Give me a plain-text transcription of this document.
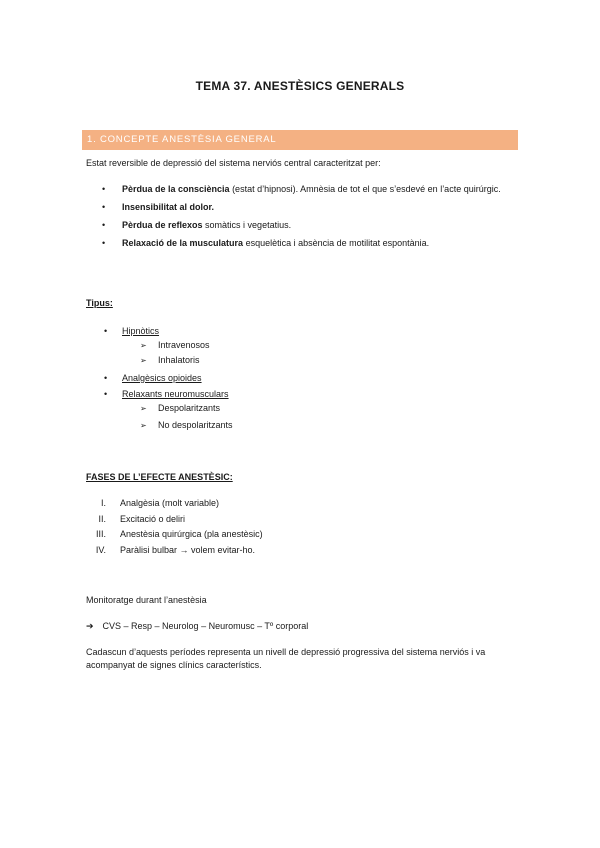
TEMA 37. ANESTÈSICS GENERALS
1. CONCEPTE ANESTÈSIA GENERAL
Estat reversible de depressió del sistema nerviós central caracteritzat per:
• Pèrdua de la consciència (estat d’hipnosi). Amnèsia de tot el que s’esdevé en l’acte quirúrgic.
• Insensibilitat al dolor.
• Pèrdua de reflexos somàtics i vegetatius.
• Relaxació de la musculatura esquelètica i absència de motilitat espontània.
Tipus:
• Hipnòtics
➢ Intravenosos
➢ Inhalatoris
• Analgèsics opioides
• Relaxants neuromusculars
➢ Despolaritzants
➢ No despolaritzants
FASES DE L’EFECTE ANESTÈSIC:
I. Analgèsia (molt variable)
II. Excitació o deliri
III. Anestèsia quirúrgica (pla anestèsic)
IV. Paràlisi bulbar → volem evitar-ho.
Monitoratge durant l’anestèsia
➔ CVS – Resp – Neurolog – Neuromusc – Tº corporal
Cadascun d’aquests períodes representa un nivell de depressió progressiva del sistema nerviós i va acompanyat de signes clínics característics.
